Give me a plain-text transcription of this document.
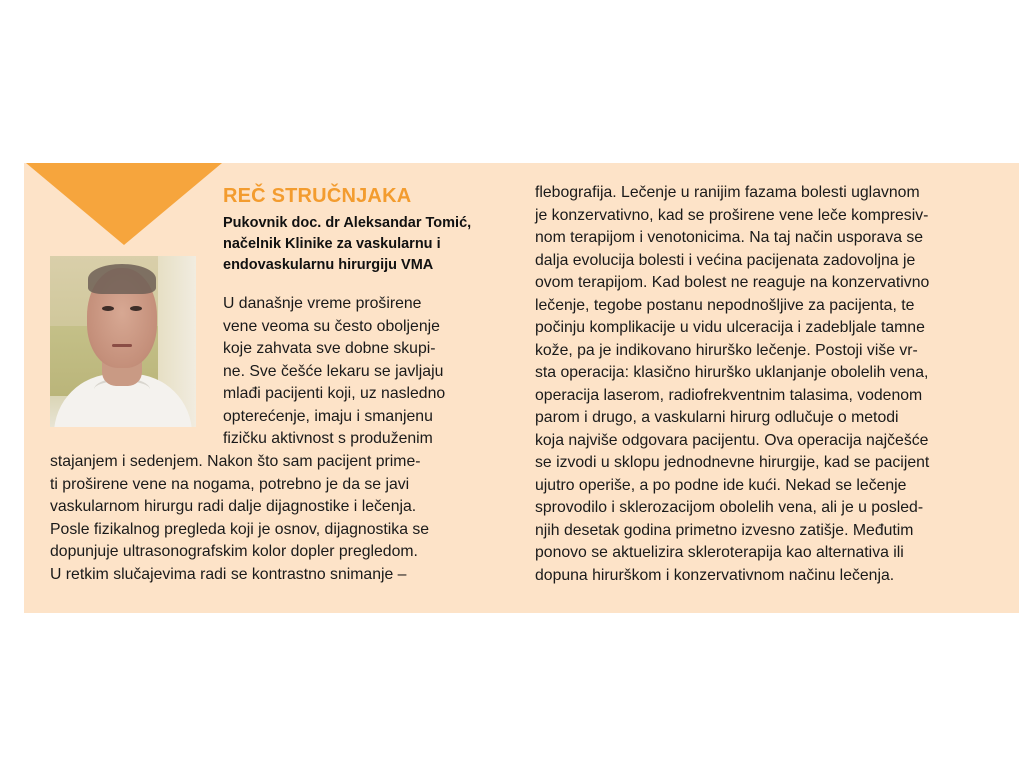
REČ STRUČNJAKA
Pukovnik doc. dr Aleksandar Tomić,
načelnik Klinike za vaskularnu i
endovaskularnu hirurgiju VMA
U današnje vreme proširene
vene veoma su često oboljenje
koje zahvata sve dobne skupi-
ne. Sve češće lekaru se javljaju
mlađi pacijenti koji, uz nasledno
opterećenje, imaju i smanjenu
fizičku aktivnost s produženim
stajanjem i sedenjem. Nakon što sam pacijent prime-
ti proširene vene na nogama, potrebno je da se javi
vaskularnom hirurgu radi dalje dijagnostike i lečenja.
Posle fizikalnog pregleda koji je osnov, dijagnostika se
dopunjuje ultrasonografskim kolor dopler pregledom.
U retkim slučajevima radi se kontrastno snimanje –
flebografija. Lečenje u ranijim fazama bolesti uglavnom
je konzervativno, kad se proširene vene leče kompresiv-
nom terapijom i venotonicima. Na taj način usporava se
dalja evolucija bolesti i većina pacijenata zadovoljna je
ovom terapijom. Kad bolest ne reaguje na konzervativno
lečenje, tegobe postanu nepodnošljive za pacijenta, te
počinju komplikacije u vidu ulceracija i zadebljale tamne
kože, pa je indikovano hirurško lečenje. Postoji više vr-
sta operacija: klasično hirurško uklanjanje obolelih vena,
operacija laserom, radiofrekventnim talasima, vodenom
parom i drugo, a vaskularni hirurg odlučuje o metodi
koja najviše odgovara pacijentu. Ova operacija najčešće
se izvodi u sklopu jednodnevne hirurgije, kad se pacijent
ujutro operiše, a po podne ide kući. Nekad se lečenje
sprovodilo i sklerozacijom obolelih vena, ali je u posled-
njih desetak godina primetno izvesno zatišje. Međutim
ponovo se aktuelizira skleroterapija kao alternativa ili
dopuna hirurškom i konzervativnom načinu lečenja.
